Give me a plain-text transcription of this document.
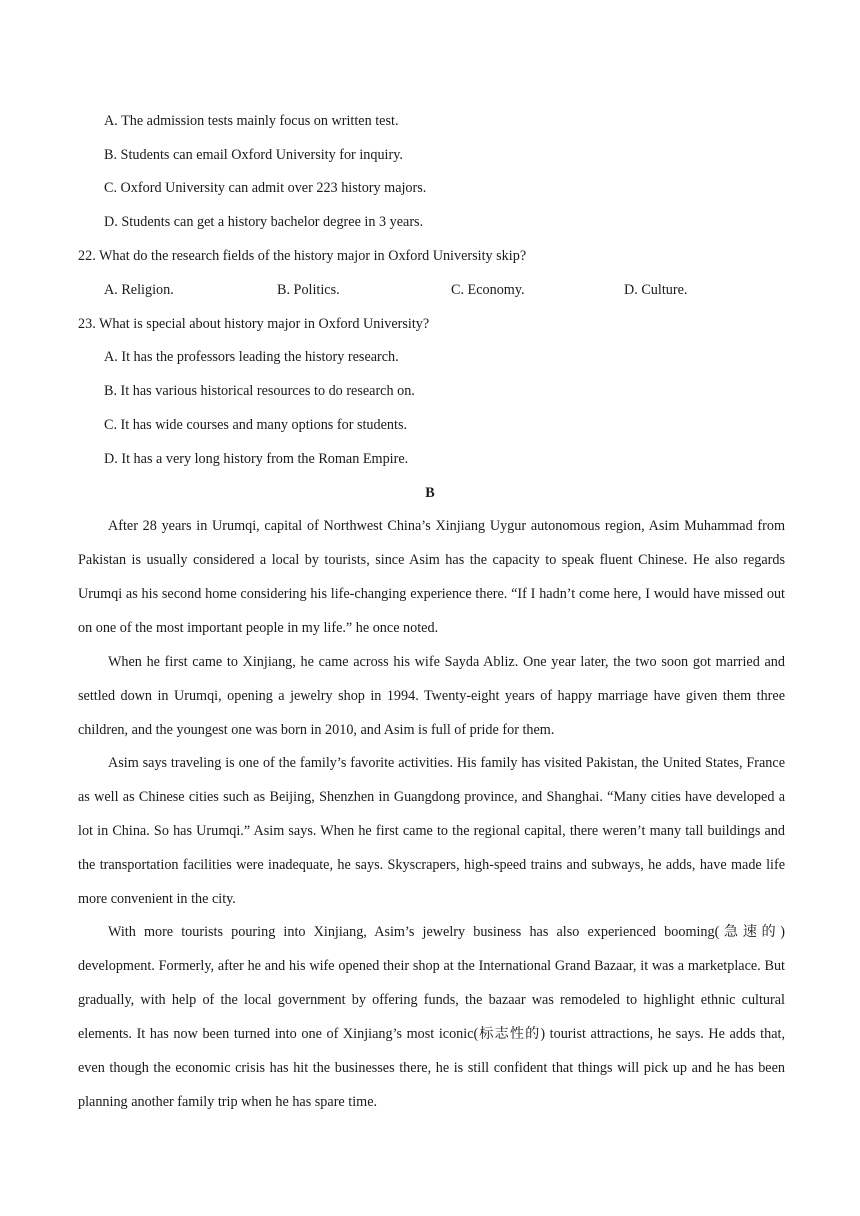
A. The admission tests mainly focus on written test.
B. Students can email Oxford University for inquiry.
C. Oxford University can admit over 223 history majors.
D. Students can get a history bachelor degree in 3 years.
22. What do the research fields of the history major in Oxford University skip?
A. Religion.	B. Politics.	C. Economy.	D. Culture.
23. What is special about history major in Oxford University?
A. It has the professors leading the history research.
B. It has various historical resources to do research on.
C. It has wide courses and many options for students.
D. It has a very long history from the Roman Empire.
B
After 28 years in Urumqi, capital of Northwest China’s Xinjiang Uygur autonomous region, Asim Muhammad from Pakistan is usually considered a local by tourists, since Asim has the capacity to speak fluent Chinese. He also regards Urumqi as his second home considering his life-changing experience there. “If I hadn’t come here, I would have missed out on one of the most important people in my life.” he once noted.
When he first came to Xinjiang, he came across his wife Sayda Abliz. One year later, the two soon got married and settled down in Urumqi, opening a jewelry shop in 1994. Twenty-eight years of happy marriage have given them three children, and the youngest one was born in 2010, and Asim is full of pride for them.
Asim says traveling is one of the family’s favorite activities. His family has visited Pakistan, the United States, France as well as Chinese cities such as Beijing, Shenzhen in Guangdong province, and Shanghai. “Many cities have developed a lot in China. So has Urumqi.” Asim says. When he first came to the regional capital, there weren’t many tall buildings and the transportation facilities were inadequate, he says. Skyscrapers, high-speed trains and subways, he adds, have made life more convenient in the city.
With more tourists pouring into Xinjiang, Asim’s jewelry business has also experienced booming(急速的) development. Formerly, after he and his wife opened their shop at the International Grand Bazaar, it was a marketplace. But gradually, with help of the local government by offering funds, the bazaar was remodeled to highlight ethnic cultural elements. It has now been turned into one of Xinjiang’s most iconic(标志性的) tourist attractions, he says. He adds that, even though the economic crisis has hit the businesses there, he is still confident that things will pick up and he has been planning another family trip when he has spare time.
